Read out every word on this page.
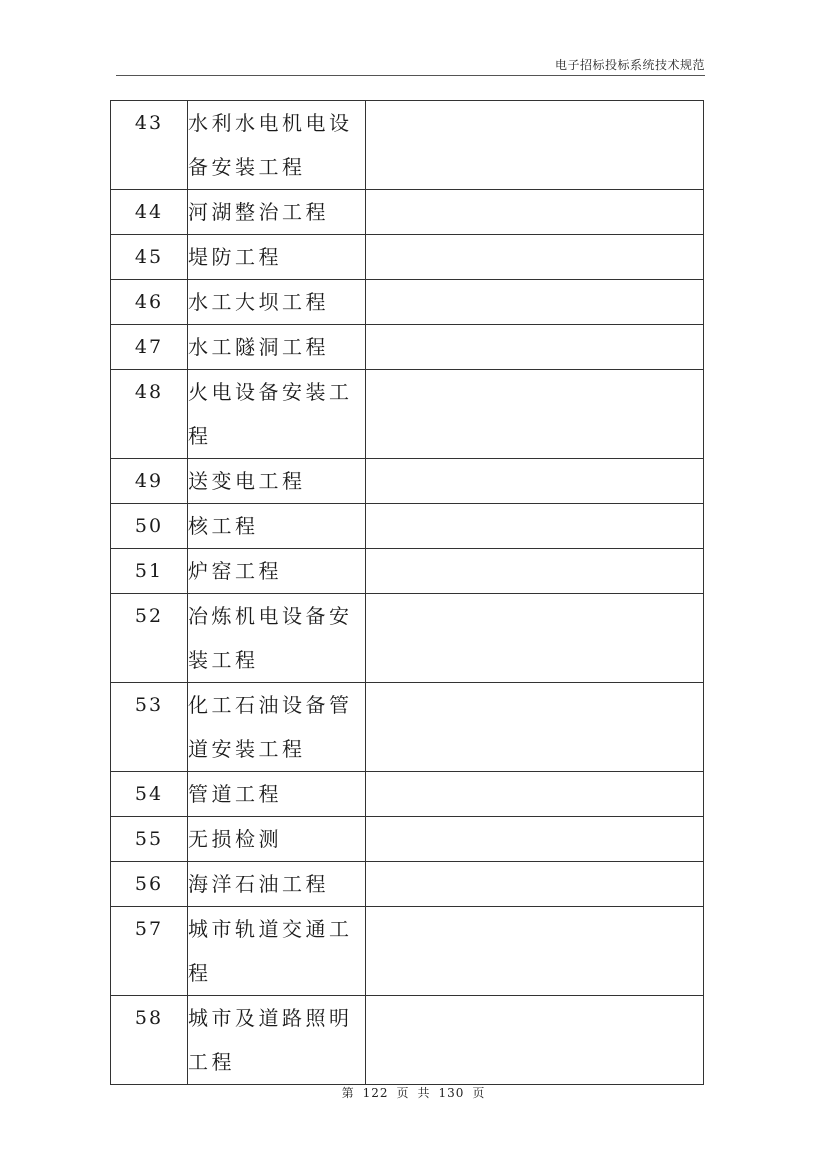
电子招标投标系统技术规范
43	水利水电机电设备安装工程	
44	河湖整治工程	
45	堤防工程	
46	水工大坝工程	
47	水工隧洞工程	
48	火电设备安装工程	
49	送变电工程	
50	核工程	
51	炉窑工程	
52	冶炼机电设备安装工程	
53	化工石油设备管道安装工程	
54	管道工程	
55	无损检测	
56	海洋石油工程	
57	城市轨道交通工程	
58	城市及道路照明工程	
第 122 页 共 130 页
